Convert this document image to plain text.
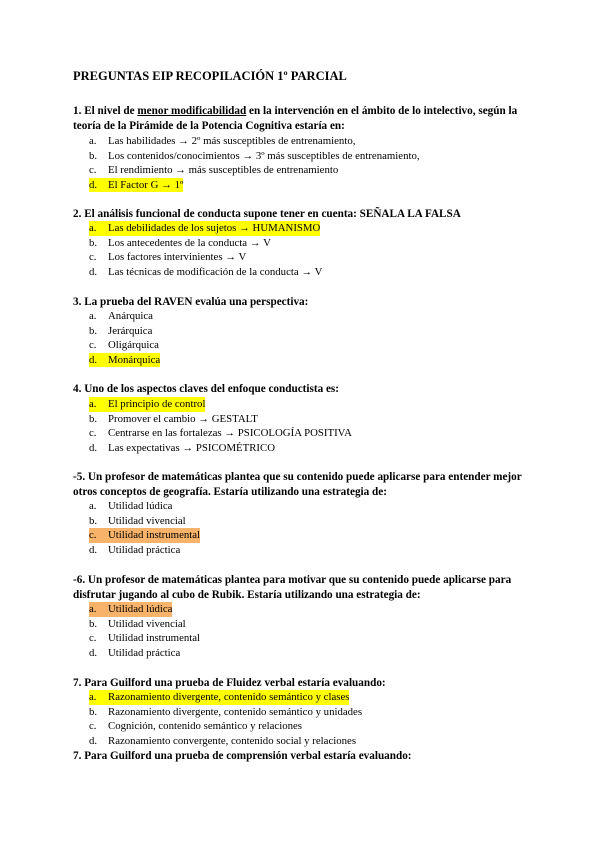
PREGUNTAS EIP RECOPILACIÓN 1º PARCIAL
1. El nivel de menor modificabilidad en la intervención en el ámbito de lo intelectivo, según la teoría de la Pirámide de la Potencia Cognitiva estaría en:
a. Las habilidades → 2º más susceptibles de entrenamiento,
b. Los contenidos/conocimientos → 3º más susceptibles de entrenamiento,
c. El rendimiento → más susceptibles de entrenamiento
d. El Factor G → 1º
2. El análisis funcional de conducta supone tener en cuenta: SEÑALA LA FALSA
a. Las debilidades de los sujetos → HUMANISMO
b. Los antecedentes de la conducta → V
c. Los factores intervinientes → V
d. Las técnicas de modificación de la conducta → V
3. La prueba del RAVEN evalúa una perspectiva:
a. Anárquica
b. Jerárquica
c. Oligárquica
d. Monárquica
4. Uno de los aspectos claves del enfoque conductista es:
a. El principio de control
b. Promover el cambio → GESTALT
c. Centrarse en las fortalezas → PSICOLOGÍA POSITIVA
d. Las expectativas → PSICOMÉTRICO
-5. Un profesor de matemáticas plantea que su contenido puede aplicarse para entender mejor otros conceptos de geografía. Estaría utilizando una estrategia de:
a. Utilidad lúdica
b. Utilidad vivencial
c. Utilidad instrumental
d. Utilidad práctica
-6. Un profesor de matemáticas plantea para motivar que su contenido puede aplicarse para disfrutar jugando al cubo de Rubik. Estaría utilizando una estrategia de:
a. Utilidad lúdica
b. Utilidad vivencial
c. Utilidad instrumental
d. Utilidad práctica
7. Para Guilford una prueba de Fluidez verbal estaría evaluando:
a. Razonamiento divergente, contenido semántico y clases
b. Razonamiento divergente, contenido semántico y unidades
c. Cognición, contenido semántico y relaciones
d. Razonamiento convergente, contenido social y relaciones
7. Para Guilford una prueba de comprensión verbal estaría evaluando:
